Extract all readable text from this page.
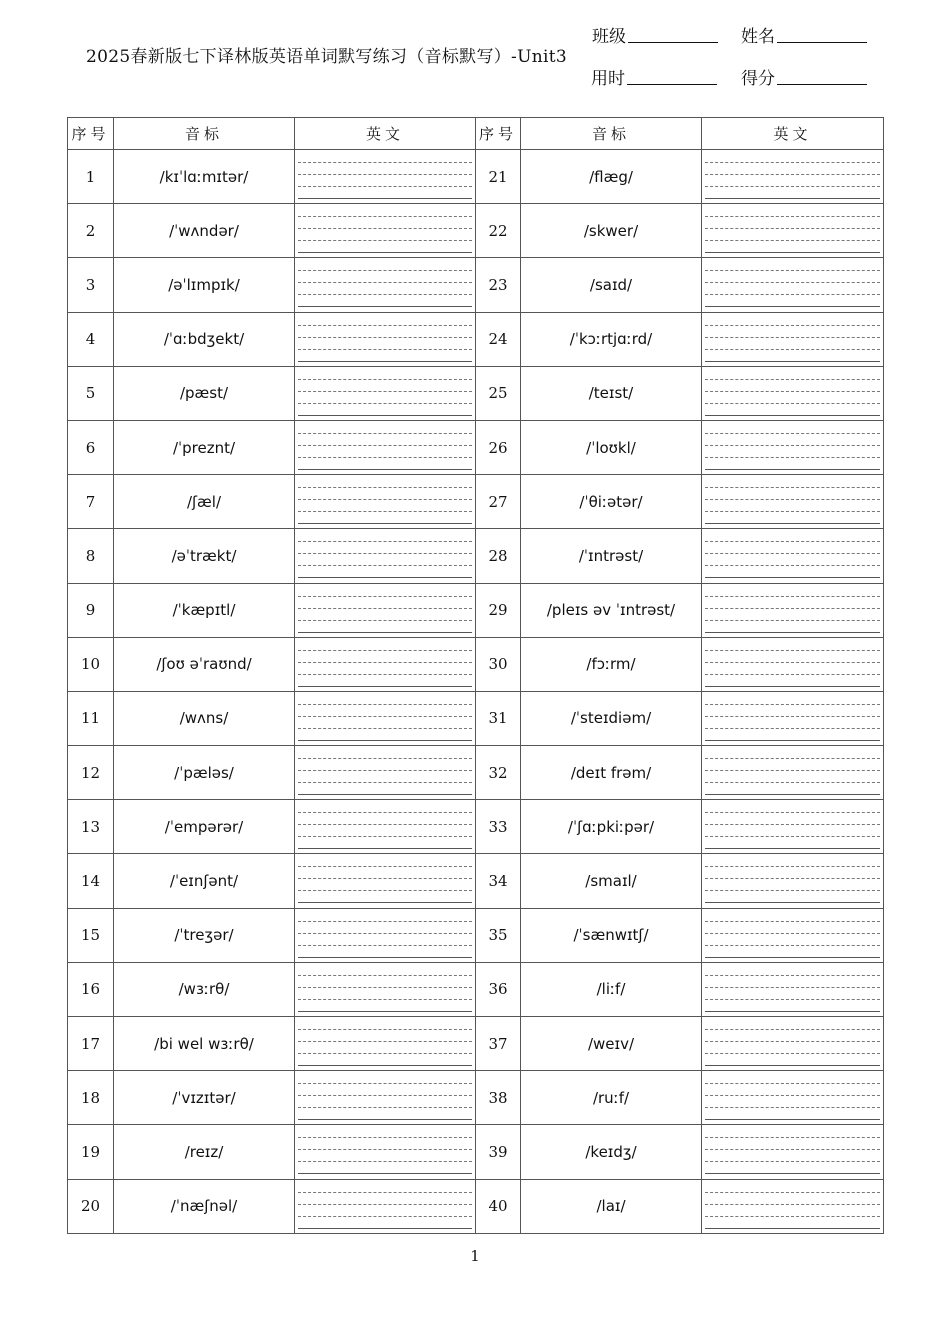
2025春新版七下译林版英语单词默写练习（音标默写）-Unit3
班级	姓名
用时	得分
序号	音标	英文	序号	音标	英文
1	/kɪˈlɑːmɪtər/		21	/flæg/	

2	/ˈwʌndər/		22	/skwer/	

3	/əˈlɪmpɪk/		23	/saɪd/	

4	/ˈɑːbdʒekt/		24	/ˈkɔːrtjɑːrd/	

5	/pæst/		25	/teɪst/	

6	/ˈpreznt/		26	/ˈloʊkl/	

7	/ʃæl/		27	/ˈθiːətər/	

8	/əˈtrækt/		28	/ˈɪntrəst/	

9	/ˈkæpɪtl/		29	/pleɪs əv ˈɪntrəst/	

10	/ʃoʊ əˈraʊnd/		30	/fɔːrm/	

11	/wʌns/		31	/ˈsteɪdiəm/	

12	/ˈpæləs/		32	/deɪt frəm/	

13	/ˈempərər/		33	/ˈʃɑːpkiːpər/	

14	/ˈeɪnʃənt/		34	/smaɪl/	

15	/ˈtreʒər/		35	/ˈsænwɪtʃ/	

16	/wɜːrθ/		36	/liːf/	

17	/bi wel wɜːrθ/		37	/weɪv/	

18	/ˈvɪzɪtər/		38	/ruːf/	

19	/reɪz/		39	/keɪdʒ/	

20	/ˈnæʃnəl/		40	/laɪ/	
1
